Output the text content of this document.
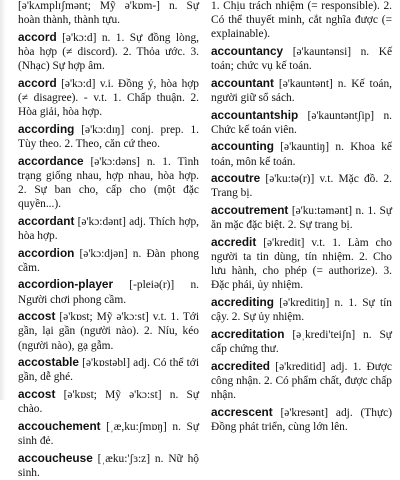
[ə'kʌmplɪʃmənt; Mỹ ə'kɒm-] n. Sự hoàn thành, thành tựu.
accord [ə'kɔ:d] n. 1. Sự đồng lòng, hòa hợp (≠ discord). 2. Thỏa ước. 3. (Nhạc) Sự hợp âm.
accord [ə'kɔ:d] v.i. Đồng ý, hòa hợp (≠ disagree). - v.t. 1. Chấp thuận. 2. Hòa giải, hòa hợp.
according [ə'kɔ:dɪŋ] conj. prep. 1. Tùy theo. 2. Theo, căn cứ theo.
accordance [ə'kɔ:dəns] n. 1. Tình trạng giống nhau, hợp nhau, hòa hợp. 2. Sự ban cho, cấp cho (một đặc quyền...).
accordant [ə'kɔ:dənt] adj. Thích hợp, hòa hợp.
accordion [ə'kɔ:djən] n. Đàn phong cầm.
accordion-player [-pleiə(r)] n. Người chơi phong cầm.
accost [ə'kɒst; Mỹ ə'kɔ:st] v.t. 1. Tới gần, lại gần (người nào). 2. Níu, kéo (người nào), gạ gẫm.
accostable [ə'kɒstəbl] adj. Có thể tới gần, dễ ghé.
accost [ə'kɒst; Mỹ ə'kɔ:st] n. Sự chào.
accouchement [ˌæ,ku:ʃmɒŋ] n. Sự sinh đẻ.
accoucheuse [ˌæku:'ʃɜ:z] n. Nữ hộ sinh.
1. Chịu trách nhiệm (= responsible). 2. Có thể thuyết minh, cắt nghĩa được (= explainable).
accountancy [ə'kauntənsi] n. Kế toán; chức vụ kế toán.
accountant [ə'kauntənt] n. Kế toán, người giữ sổ sách.
accountantship [ə'kauntəntʃip] n. Chức kế toán viên.
accounting [ə'kauntiŋ] n. Khoa kế toán, môn kế toán.
accoutre [ə'ku:tə(r)] v.t. Mặc đồ. 2. Trang bị.
accoutrement [ə'ku:təmənt] n. 1. Sự ăn mặc đặc biệt. 2. Sự trang bị.
accredit [ə'kredit] v.t. 1. Làm cho người ta tin dùng, tín nhiệm. 2. Cho lưu hành, cho phép (= authorize). 3. Đặc phái, ủy nhiệm.
accrediting [ə'kreditiŋ] n. 1. Sự tín cậy. 2. Sự ủy nhiệm.
accreditation [əˌkredi'teiʃn] n. Sự cấp chứng thư.
accredited [ə'kreditid] adj. 1. Được công nhận. 2. Có phẩm chất, được chấp nhận.
accrescent [ə'kresənt] adj. (Thực) Đồng phát triển, cùng lớn lên.
